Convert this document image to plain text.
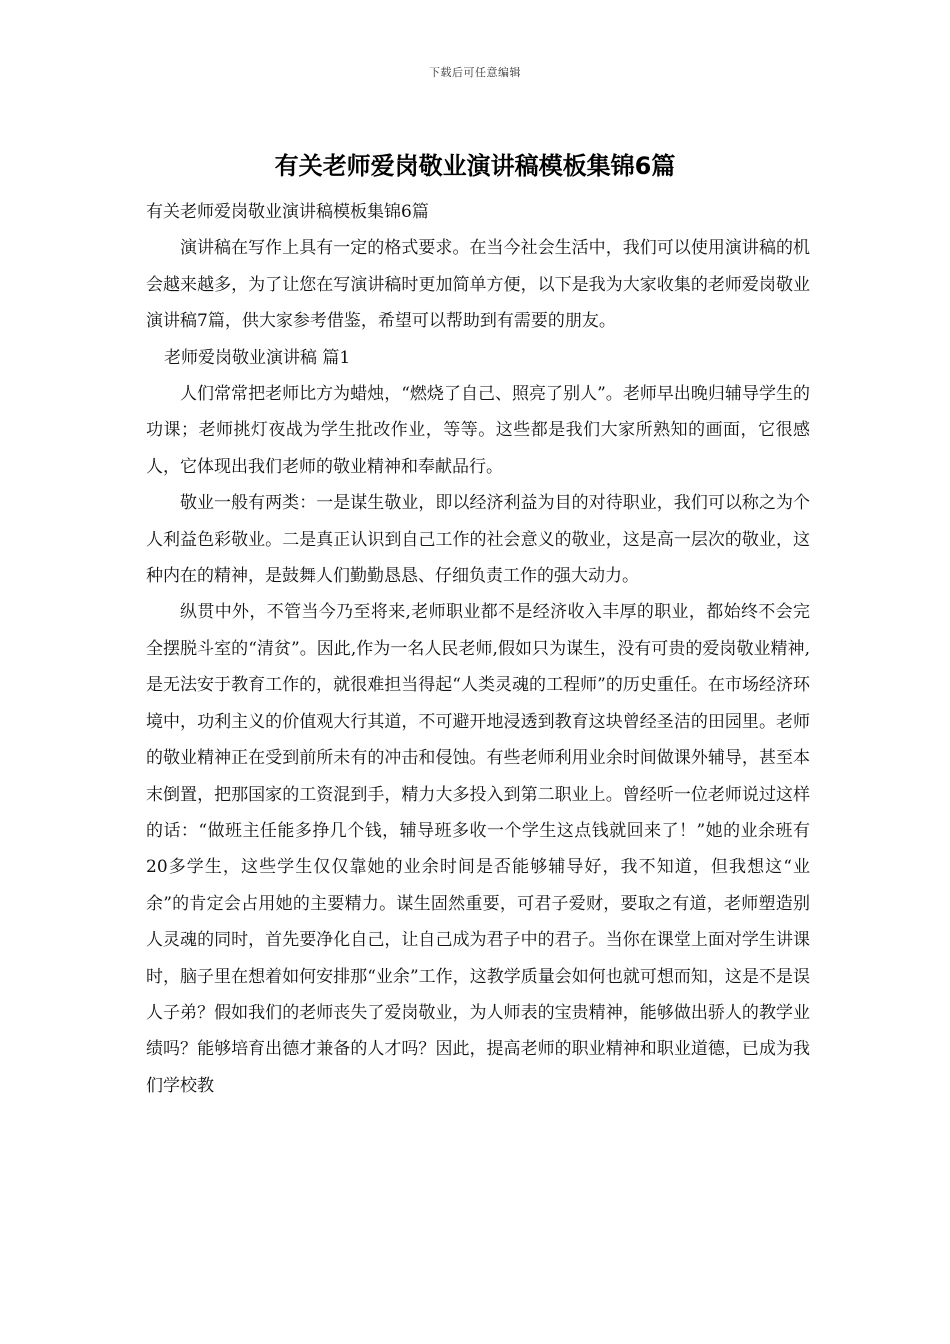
下载后可任意编辑
有关老师爱岗敬业演讲稿模板集锦6篇

有关老师爱岗敬业演讲稿模板集锦6篇

演讲稿在写作上具有一定的格式要求。在当今社会生活中，我们可以使用演讲稿的机会越来越多，为了让您在写演讲稿时更加简单方便，以下是我为大家收集的老师爱岗敬业演讲稿7篇，供大家参考借鉴，希望可以帮助到有需要的朋友。

老师爱岗敬业演讲稿 篇1

人们常常把老师比方为蜡烛，“燃烧了自己、照亮了别人”。老师早出晚归辅导学生的功课；老师挑灯夜战为学生批改作业，等等。这些都是我们大家所熟知的画面，它很感人，它体现出我们老师的敬业精神和奉献品行。

敬业一般有两类：一是谋生敬业，即以经济利益为目的对待职业，我们可以称之为个人利益色彩敬业。二是真正认识到自己工作的社会意义的敬业，这是高一层次的敬业，这种内在的精神，是鼓舞人们勤勤恳恳、仔细负责工作的强大动力。

纵贯中外，不管当今乃至将来,老师职业都不是经济收入丰厚的职业，都始终不会完全摆脱斗室的“清贫”。因此,作为一名人民老师,假如只为谋生，没有可贵的爱岗敬业精神,是无法安于教育工作的，就很难担当得起“人类灵魂的工程师”的历史重任。在市场经济环境中，功利主义的价值观大行其道，不可避开地浸透到教育这块曾经圣洁的田园里。老师的敬业精神正在受到前所未有的冲击和侵蚀。有些老师利用业余时间做课外辅导，甚至本末倒置，把那国家的工资混到手，精力大多投入到第二职业上。曾经听一位老师说过这样的话：“做班主任能多挣几个钱，辅导班多收一个学生这点钱就回来了！”她的业余班有20多学生，这些学生仅仅靠她的业余时间是否能够辅导好，我不知道，但我想这“业余”的肯定会占用她的主要精力。谋生固然重要，可君子爱财，要取之有道，老师塑造别人灵魂的同时，首先要净化自己，让自己成为君子中的君子。当你在课堂上面对学生讲课时，脑子里在想着如何安排那“业余”工作，这教学质量会如何也就可想而知，这是不是误人子弟？假如我们的老师丧失了爱岗敬业，为人师表的宝贵精神，能够做出骄人的教学业绩吗？能够培育出德才兼备的人才吗？因此，提高老师的职业精神和职业道德，已成为我们学校教
